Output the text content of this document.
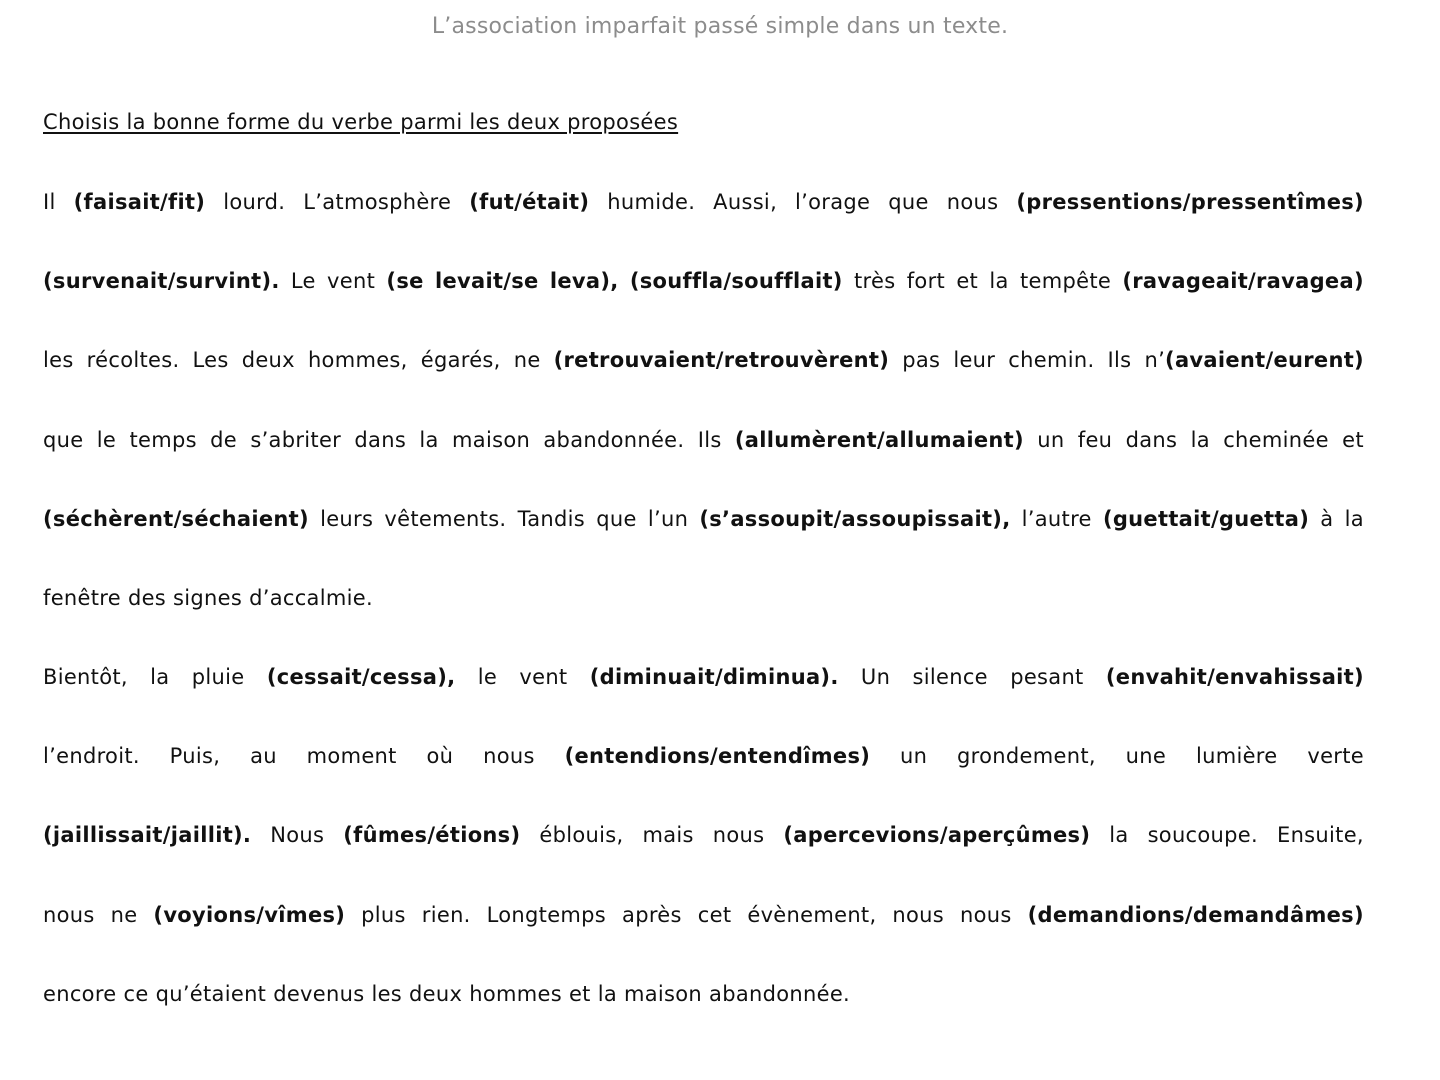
L’association imparfait passé simple dans un texte.
Choisis la bonne forme du verbe parmi les deux proposées
Il (faisait/fit) lourd. L’atmosphère (fut/était) humide. Aussi, l’orage que nous (pressentions/pressentîmes)
(survenait/survint). Le vent (se levait/se leva), (souffla/soufflait) très fort et la tempête (ravageait/ravagea)
les récoltes. Les deux hommes, égarés, ne (retrouvaient/retrouvèrent) pas leur chemin. Ils n’(avaient/eurent)
que le temps de s’abriter dans la maison abandonnée. Ils (allumèrent/allumaient) un feu dans la cheminée et
(séchèrent/séchaient) leurs vêtements. Tandis que l’un (s’assoupit/assoupissait), l’autre (guettait/guetta) à la
fenêtre des signes d’accalmie.
Bientôt, la pluie (cessait/cessa), le vent (diminuait/diminua). Un silence pesant (envahit/envahissait)
l’endroit. Puis, au moment où nous (entendions/entendîmes) un grondement, une lumière verte
(jaillissait/jaillit). Nous (fûmes/étions) éblouis, mais nous (apercevions/aperçûmes) la soucoupe. Ensuite,
nous ne (voyions/vîmes) plus rien. Longtemps après cet évènement, nous nous (demandions/demandâmes)
encore ce qu’étaient devenus les deux hommes et la maison abandonnée.
